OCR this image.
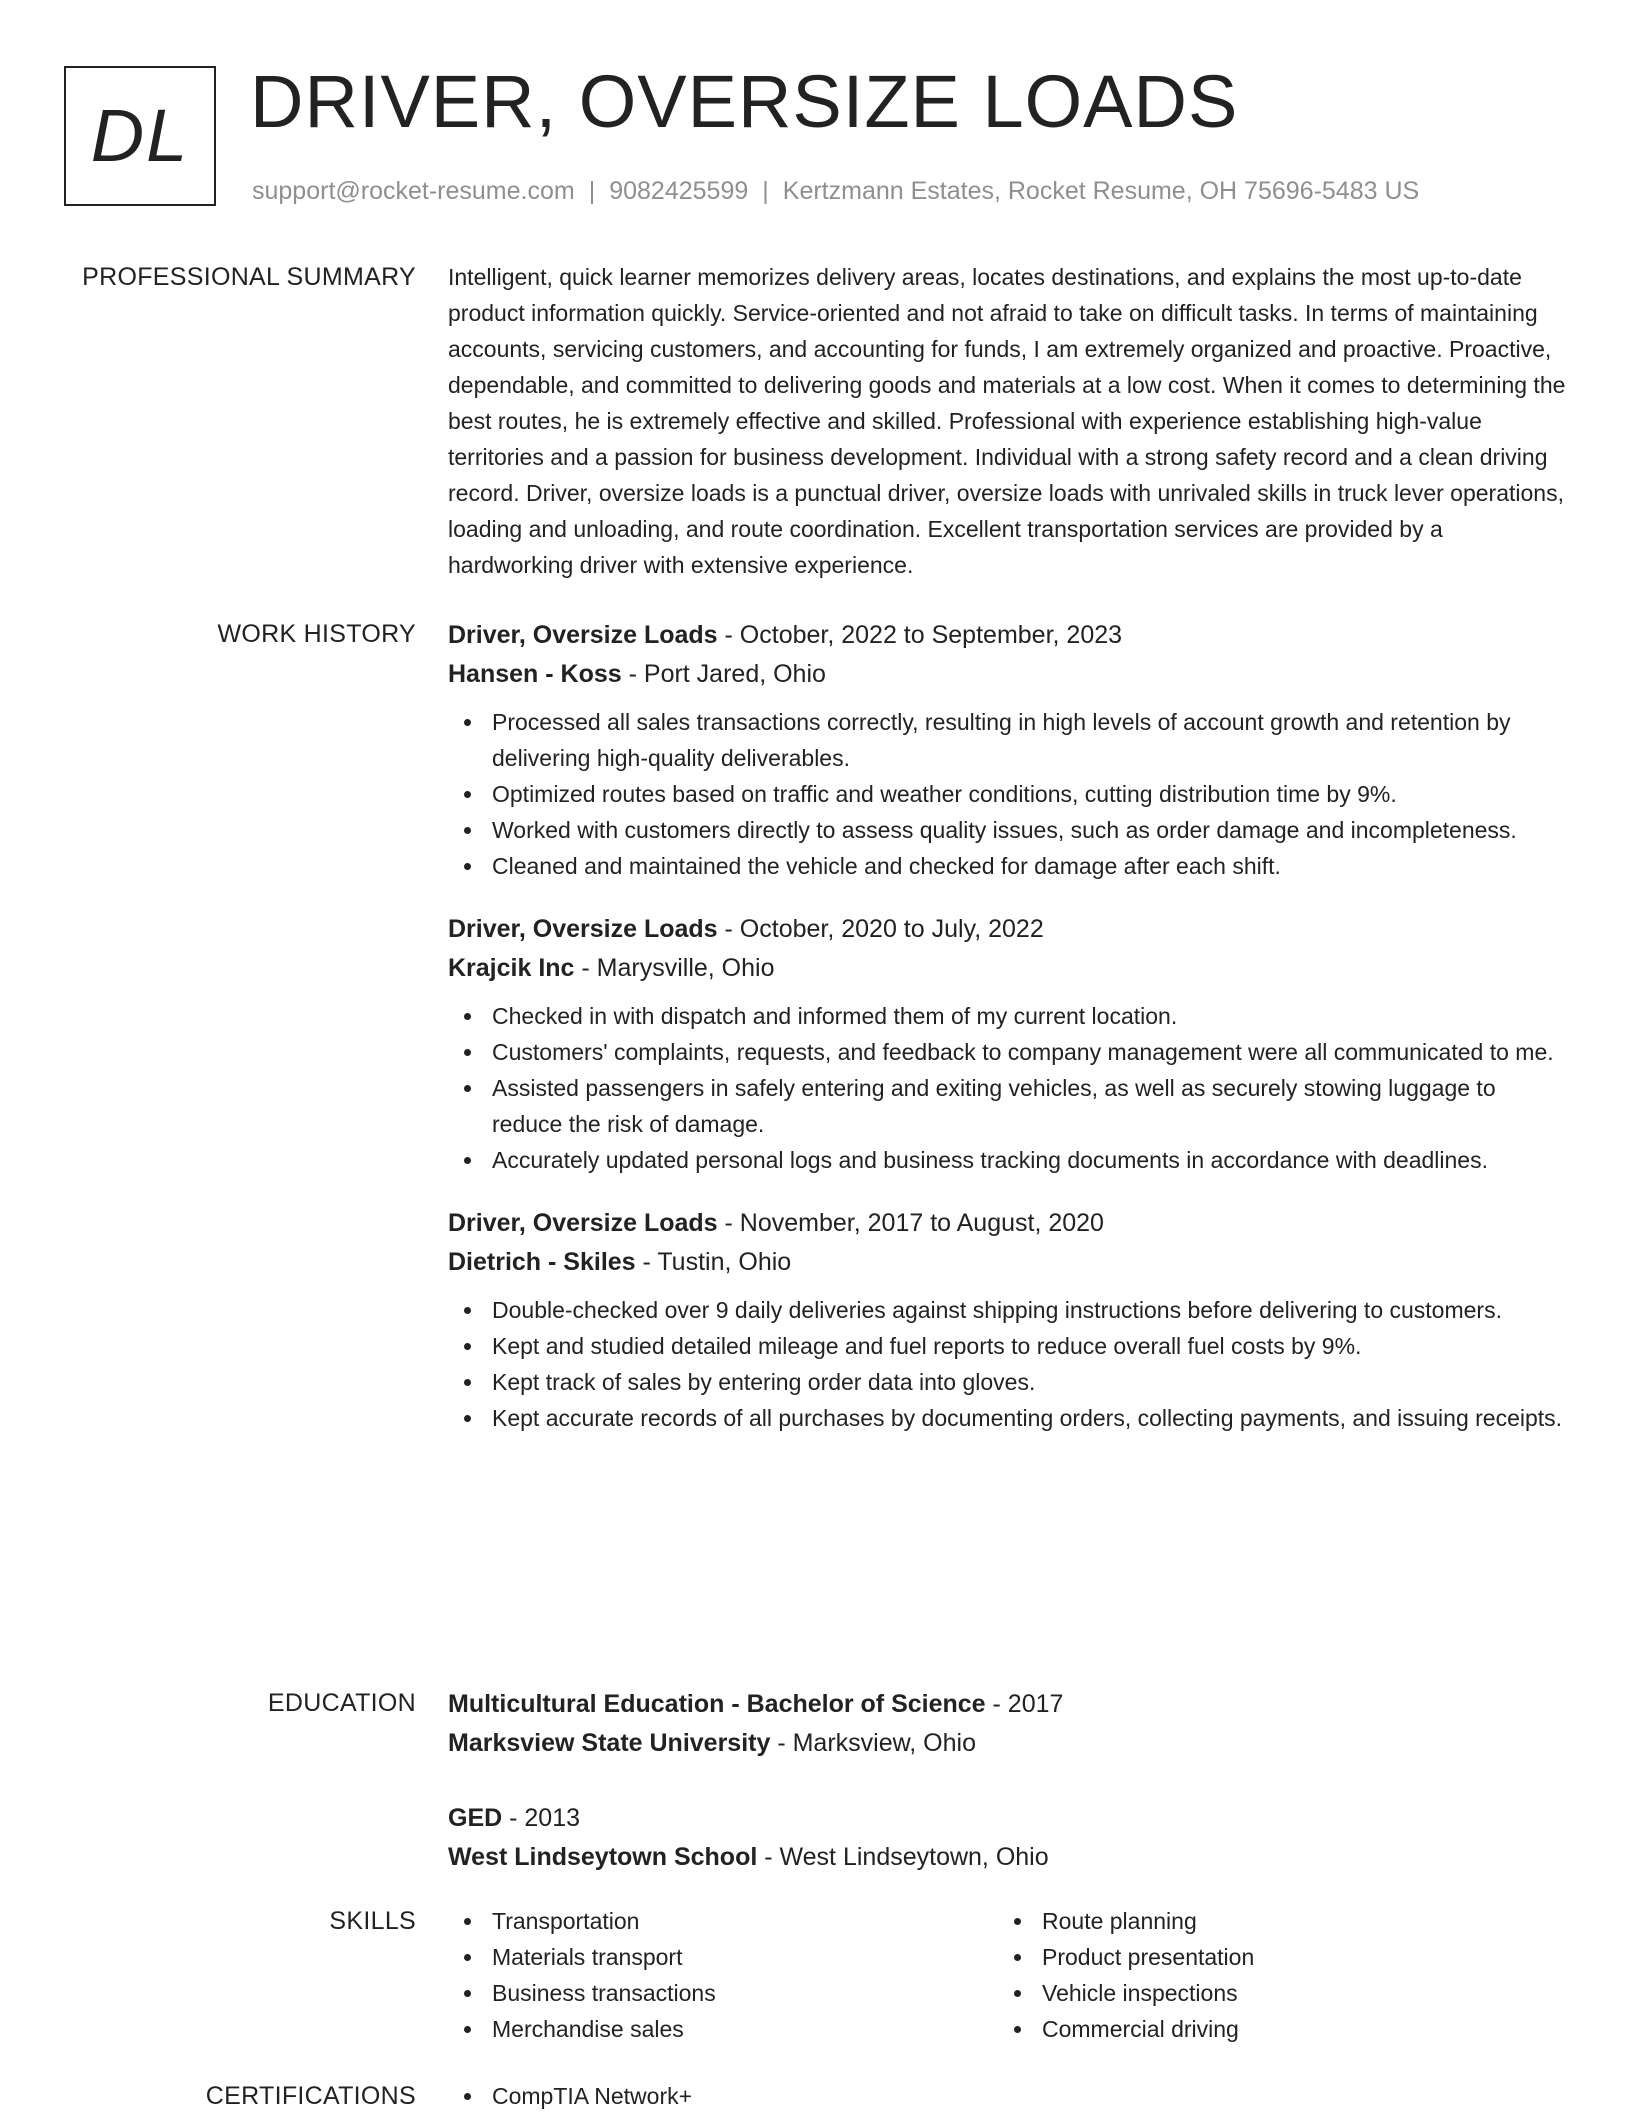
DL DRIVER, OVERSIZE LOADS
support@rocket-resume.com | 9082425599 | Kertzmann Estates, Rocket Resume, OH 75696-5483 US
PROFESSIONAL SUMMARY Intelligent, quick learner memorizes delivery areas, locates destinations, and explains the most up-to-date product information quickly. Service-oriented and not afraid to take on difficult tasks. In terms of maintaining accounts, servicing customers, and accounting for funds, I am extremely organized and proactive. Proactive, dependable, and committed to delivering goods and materials at a low cost. When it comes to determining the best routes, he is extremely effective and skilled. Professional with experience establishing high-value territories and a passion for business development. Individual with a strong safety record and a clean driving record. Driver, oversize loads is a punctual driver, oversize loads with unrivaled skills in truck lever operations, loading and unloading, and route coordination. Excellent transportation services are provided by a hardworking driver with extensive experience.

WORK HISTORY Driver, Oversize Loads - October, 2022 to September, 2023

Hansen - Koss - Port Jared, Ohio

Processed all sales transactions correctly, resulting in high levels of account growth and retention by delivering high-quality deliverables.
Optimized routes based on traffic and weather conditions, cutting distribution time by 9%.
Worked with customers directly to assess quality issues, such as order damage and incompleteness.
Cleaned and maintained the vehicle and checked for damage after each shift.

Driver, Oversize Loads - October, 2020 to July, 2022

Krajcik Inc - Marysville, Ohio

Checked in with dispatch and informed them of my current location.
Customers' complaints, requests, and feedback to company management were all communicated to me.
Assisted passengers in safely entering and exiting vehicles, as well as securely stowing luggage to reduce the risk of damage.
Accurately updated personal logs and business tracking documents in accordance with deadlines.

Driver, Oversize Loads - November, 2017 to August, 2020

Dietrich - Skiles - Tustin, Ohio

Double-checked over 9 daily deliveries against shipping instructions before delivering to customers.
Kept and studied detailed mileage and fuel reports to reduce overall fuel costs by 9%.
Kept track of sales by entering order data into gloves.
Kept accurate records of all purchases by documenting orders, collecting payments, and issuing receipts.
EDUCATION Multicultural Education - Bachelor of Science - 2017

Marksview State University - Marksview, Ohio

GED - 2013

West Lindseytown School - West Lindseytown, Ohio

SKILLS	Transportation
Materials transport
Business transactions
Merchandise sales
Route planning
Product presentation
Vehicle inspections
Commercial driving
CERTIFICATIONS	CompTIA Network+
